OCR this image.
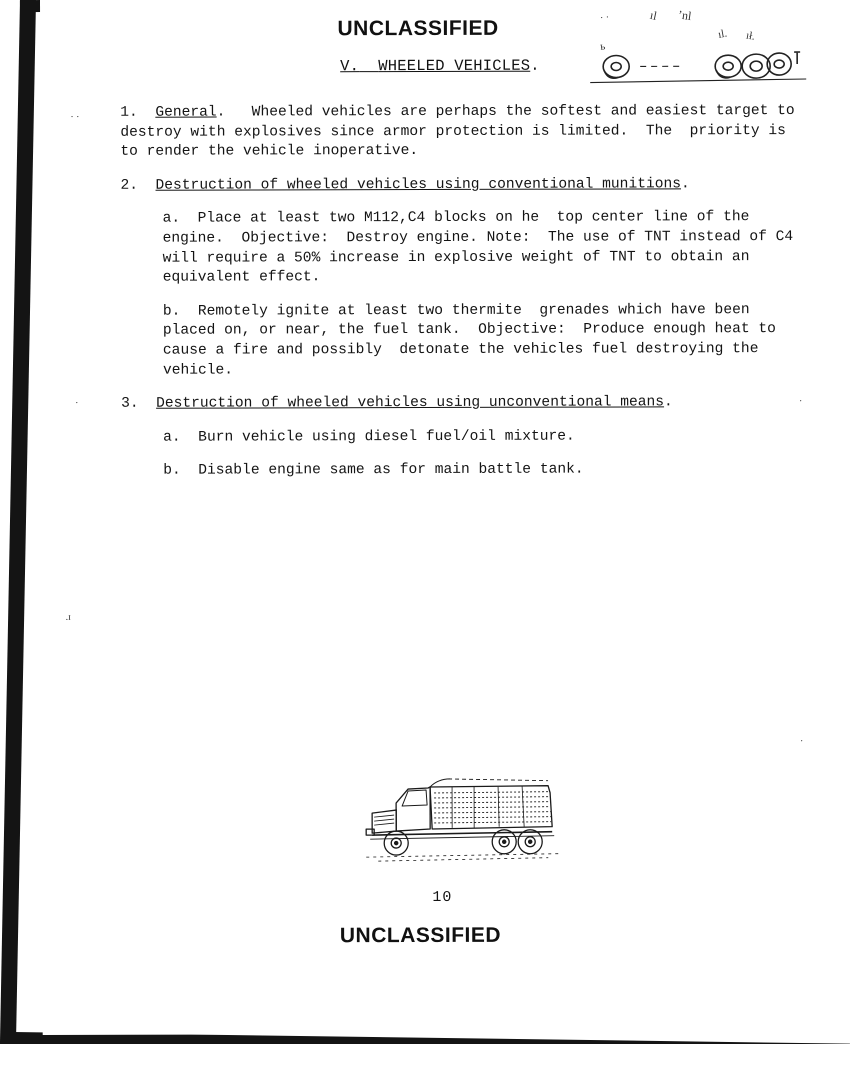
UNCLASSIFIED	· ·	ıl ʼnl
ıl. ıł.
ь
V. WHEELED VEHICLES.
1. General.   Wheeled vehicles are perhaps the softest and easiest target to destroy with explosives since armor protection is limited.  The  priority is to render the vehicle inoperative.
2. Destruction of wheeled vehicles using conventional munitions.
a.  Place at least two M112,C4 blocks on he  top center line of the engine.  Objective:  Destroy engine. Note:  The use of TNT instead of C4 will require a 50% increase in explosive weight of TNT to obtain an equivalent effect.
b.  Remotely ignite at least two thermite  grenades which have been placed on, or near, the fuel tank.  Objective:  Produce enough heat to cause a fire and possibly  detonate the vehicles fuel destroying the vehicle.
3. Destruction of wheeled vehicles using unconventional means.
a.  Burn vehicle using diesel fuel/oil mixture.
b.  Disable engine same as for main battle tank.
· ·
·	·
.ɪ
·
10
UNCLASSIFIED
